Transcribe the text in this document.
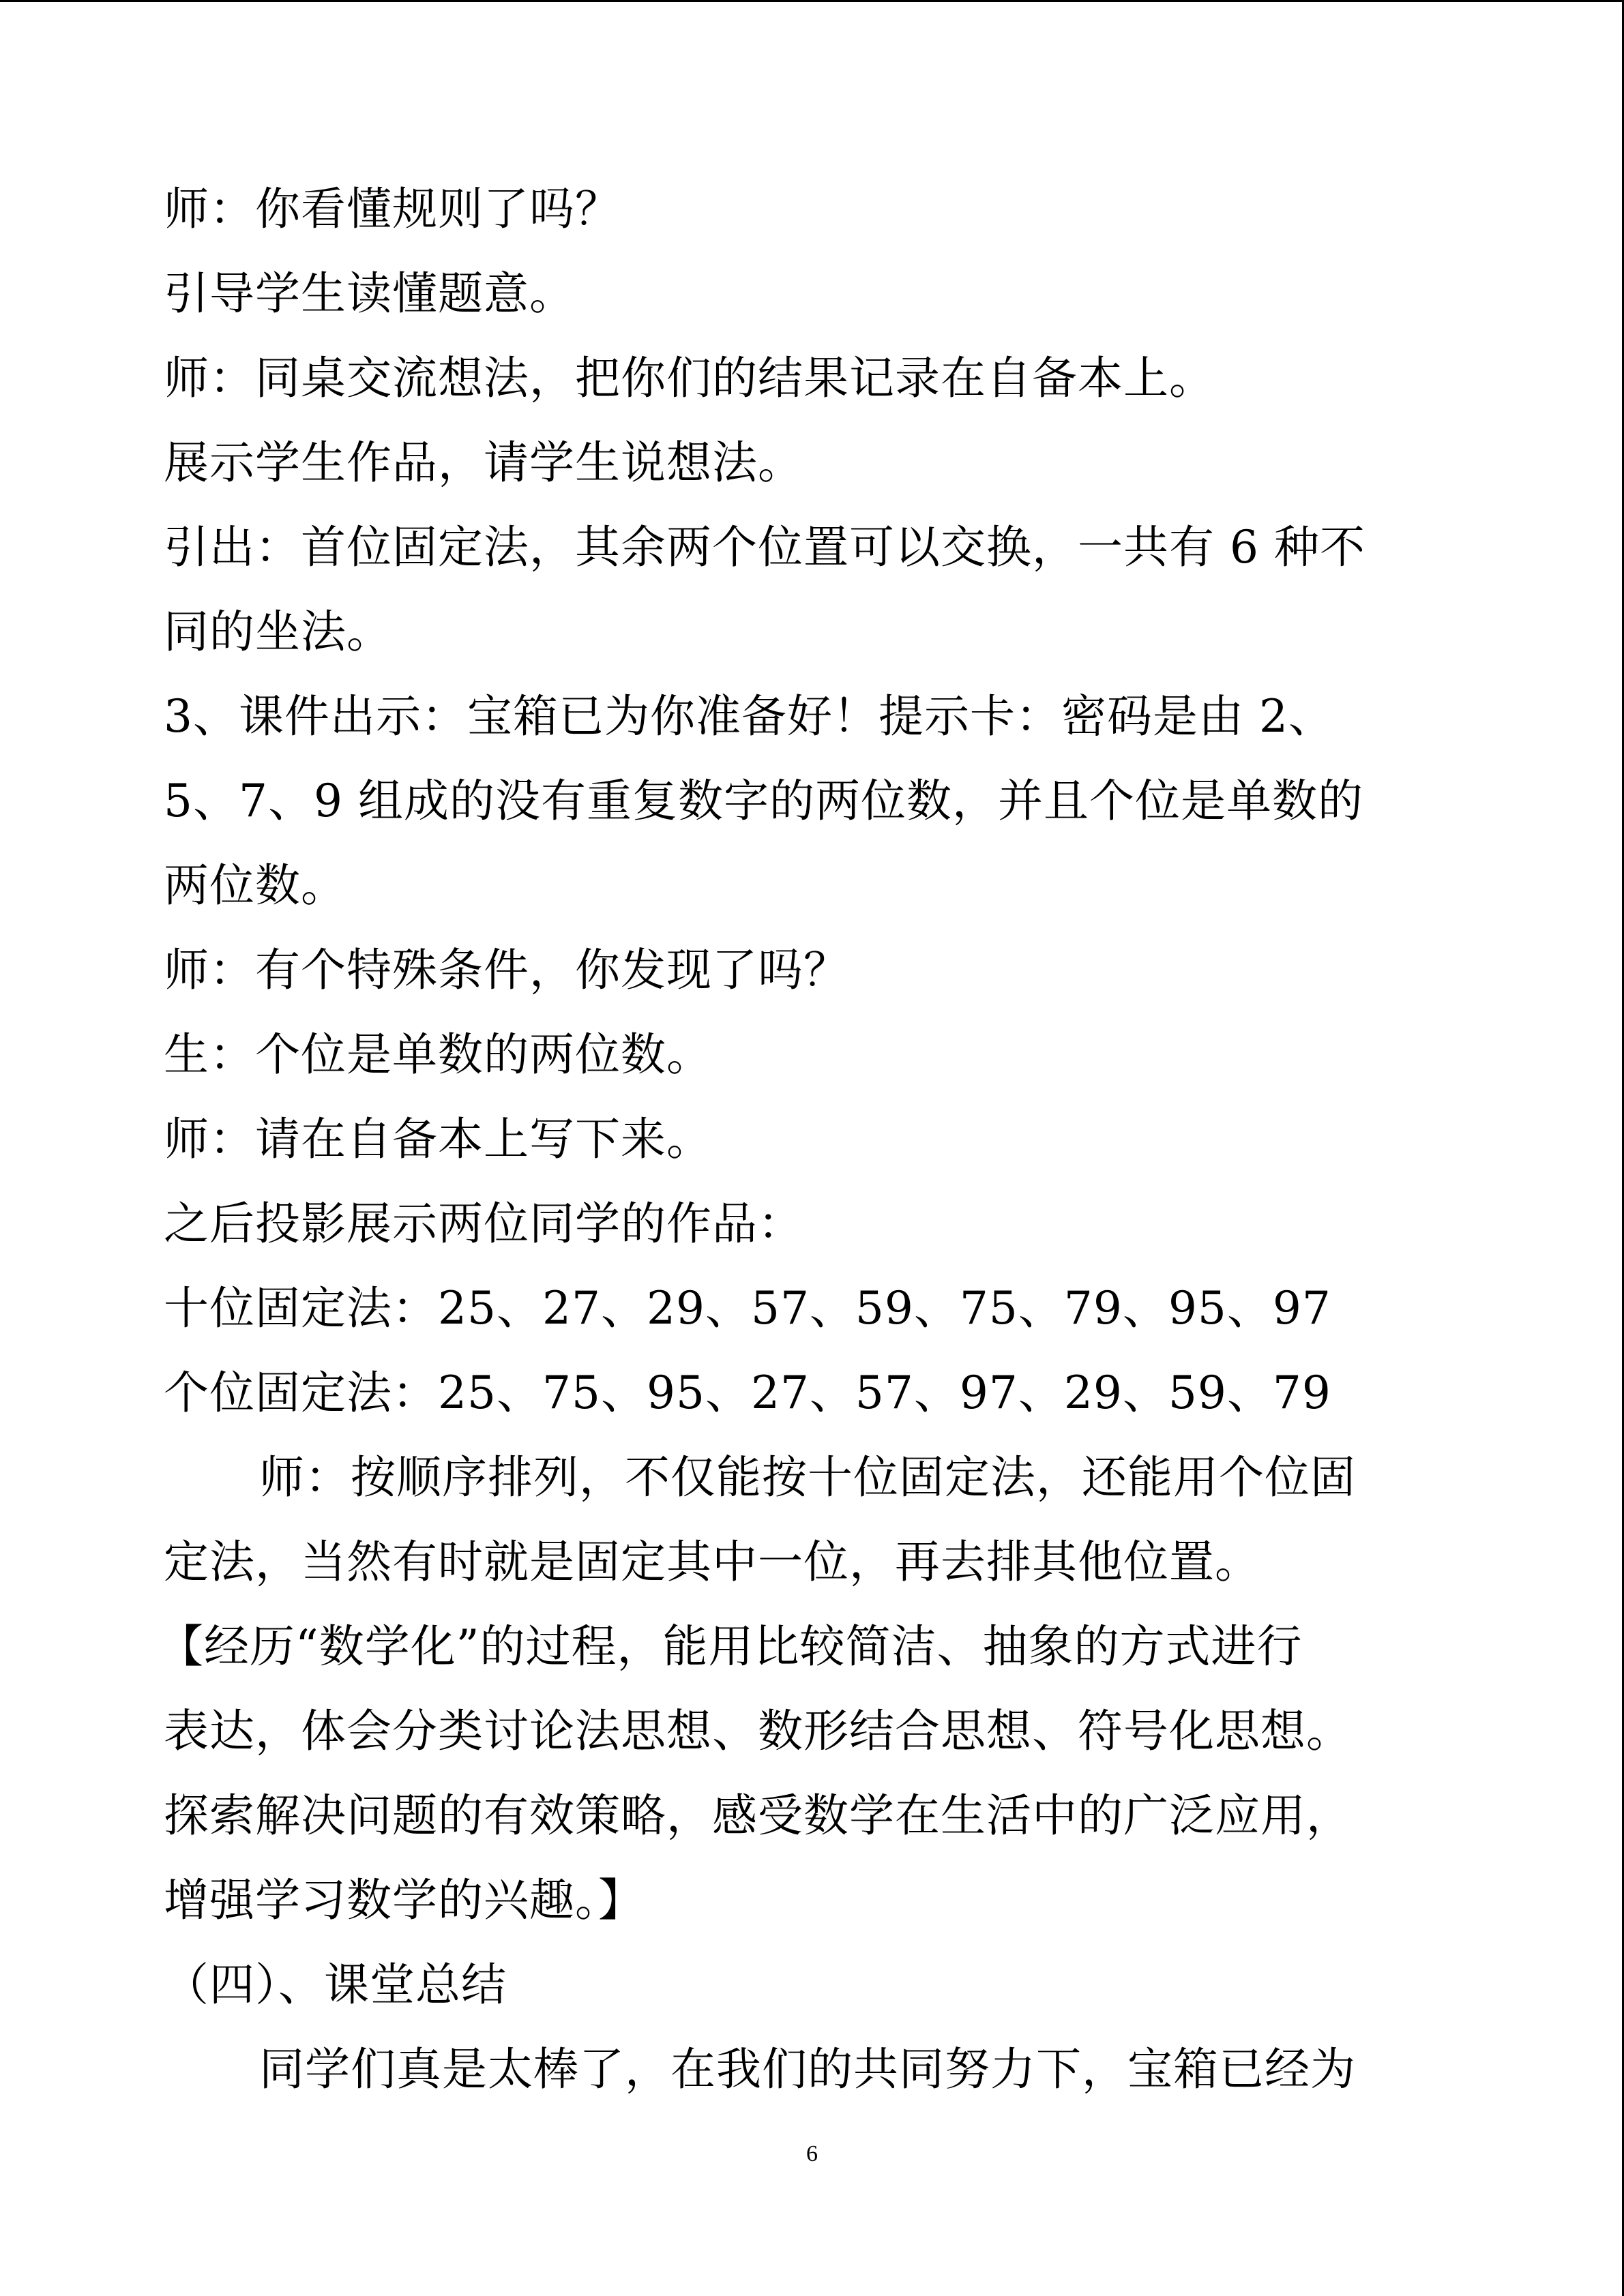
师：你看懂规则了吗？
引导学生读懂题意。
师：同桌交流想法，把你们的结果记录在自备本上。
展示学生作品，请学生说想法。
引出：首位固定法，其余两个位置可以交换，一共有 6 种不
同的坐法。
3、课件出示：宝箱已为你准备好！提示卡：密码是由 2、
5、7、9 组成的没有重复数字的两位数，并且个位是单数的
两位数。
师：有个特殊条件，你发现了吗？
生：个位是单数的两位数。
师：请在自备本上写下来。
之后投影展示两位同学的作品：
十位固定法：25、27、29、57、59、75、79、95、97
个位固定法：25、75、95、27、57、97、29、59、79
师：按顺序排列，不仅能按十位固定法，还能用个位固
定法，当然有时就是固定其中一位，再去排其他位置。
【经历“数学化”的过程，能用比较简洁、抽象的方式进行
表达，体会分类讨论法思想、数形结合思想、符号化思想。
探索解决问题的有效策略，感受数学在生活中的广泛应用，
增强学习数学的兴趣。】
（四）、课堂总结
同学们真是太棒了，在我们的共同努力下，宝箱已经为
6
